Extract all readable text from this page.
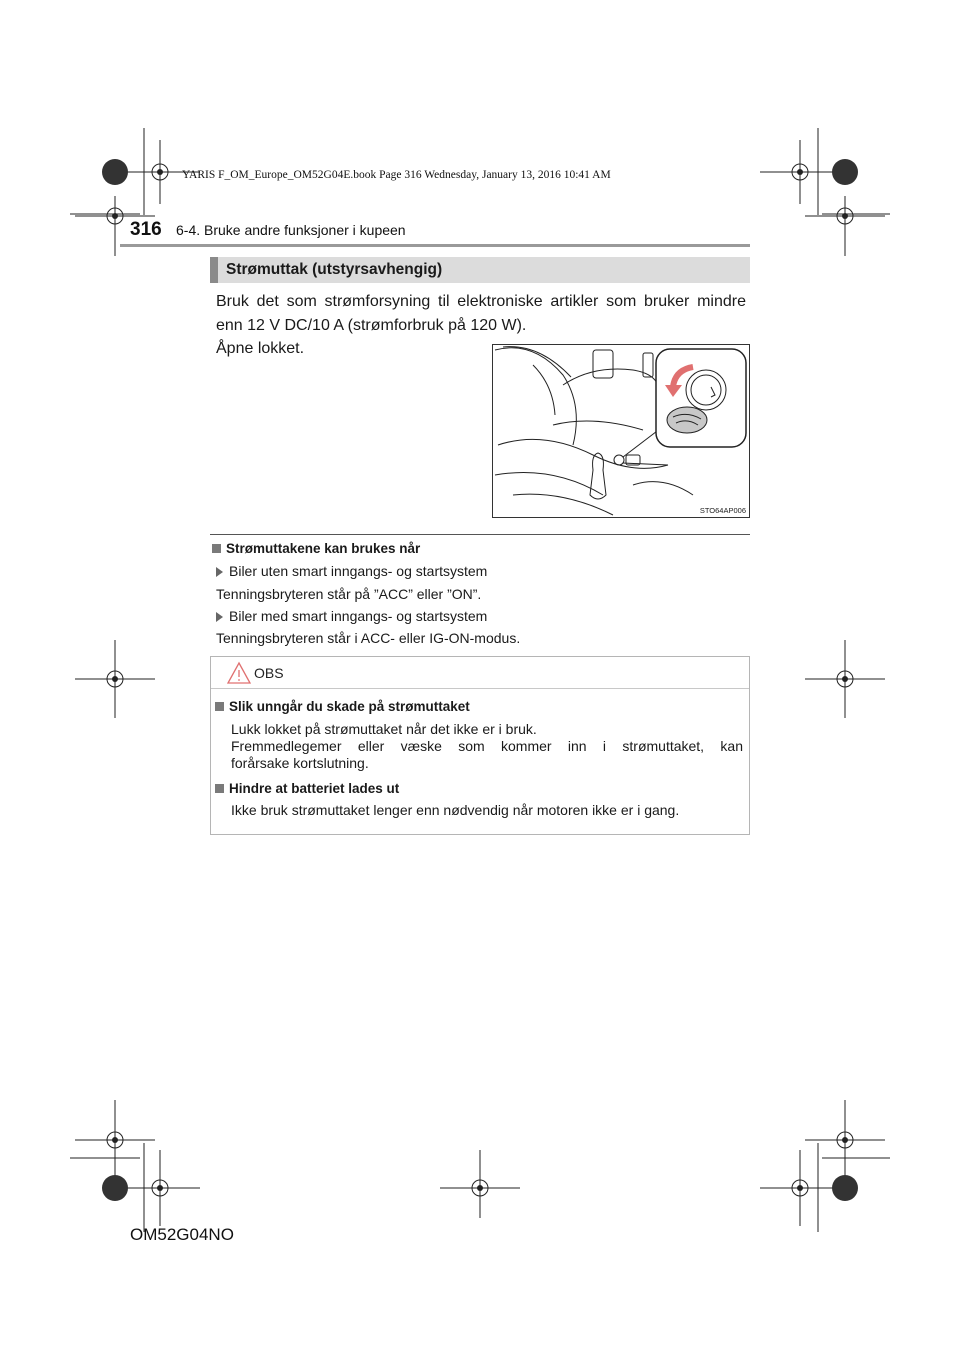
YARIS F_OM_Europe_OM52G04E.book Page 316 Wednesday, January 13, 2016 10:41 AM
316 6-4. Bruke andre funksjoner i kupeen
Strømuttak (utstyrsavhengig)
Bruk det som strømforsyning til elektroniske artikler som bruker mindre enn 12 V DC/10 A (strømforbruk på 120 W).
Åpne lokket.
STO64AP006
Strømuttakene kan brukes når
Biler uten smart inngangs- og startsystem
Tenningsbryteren står på ”ACC” eller ”ON”.
Biler med smart inngangs- og startsystem
Tenningsbryteren står i ACC- eller IG-ON-modus.
OBS
Slik unngår du skade på strømuttaket
Lukk lokket på strømuttaket når det ikke er i bruk.
Fremmedlegemer eller væske som kommer inn i strømuttaket, kan
forårsake kortslutning.
Hindre at batteriet lades ut
Ikke bruk strømuttaket lenger enn nødvendig når motoren ikke er i gang.
OM52G04NO
